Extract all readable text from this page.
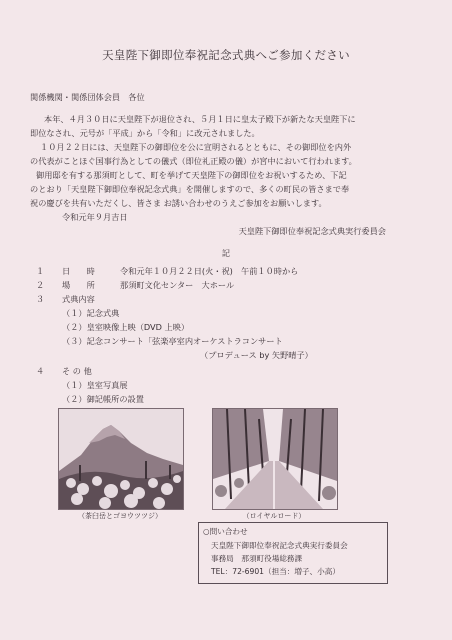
天皇陛下御即位奉祝記念式典へご参加ください
関係機関・関係団体会員　各位
本年、４月３０日に天皇陛下が退位され、５月１日に皇太子殿下が新たな天皇陛下に
即位なされ、元号が「平成」から「令和」に改元されました。
１０月２２日には、天皇陛下の御即位を公に宣明されるとともに、その御即位を内外
の代表がことほぐ国事行為としての儀式（即位礼正殿の儀）が宮中において行われます。
御用邸を有する那須町として、町を挙げて天皇陛下の御即位をお祝いするため、下記
のとおり「天皇陛下御即位奉祝記念式典」を開催しますので、多くの町民の皆さまで奉
祝の慶びを共有いただくし、皆さま お誘い合わせのうえご参加をお願いします。
令和元年９月吉日
天皇陛下御即位奉祝記念式典実行委員会
記
１ 日　　時	令和元年１０月２２日(火・祝)　午前１０時から
２ 場　　所	那須町文化センター　大ホール
３ 式典内容
（１）記念式典
（２）皇室映像上映（DVD 上映）
（３）記念コンサート「弦楽亭室内オーケストラコンサート
（プロデュース by 矢野晴子）
４ そ の 他
（１）皇室写真展
（２）御記帳所の設置
（茶臼岳とゴヨウツツジ）	（ロイヤルロード）
○問い合わせ
天皇陛下御即位奉祝記念式典実行委員会
事務局　那須町役場総務課
TEL：72-6901（担当：増子、小高）
